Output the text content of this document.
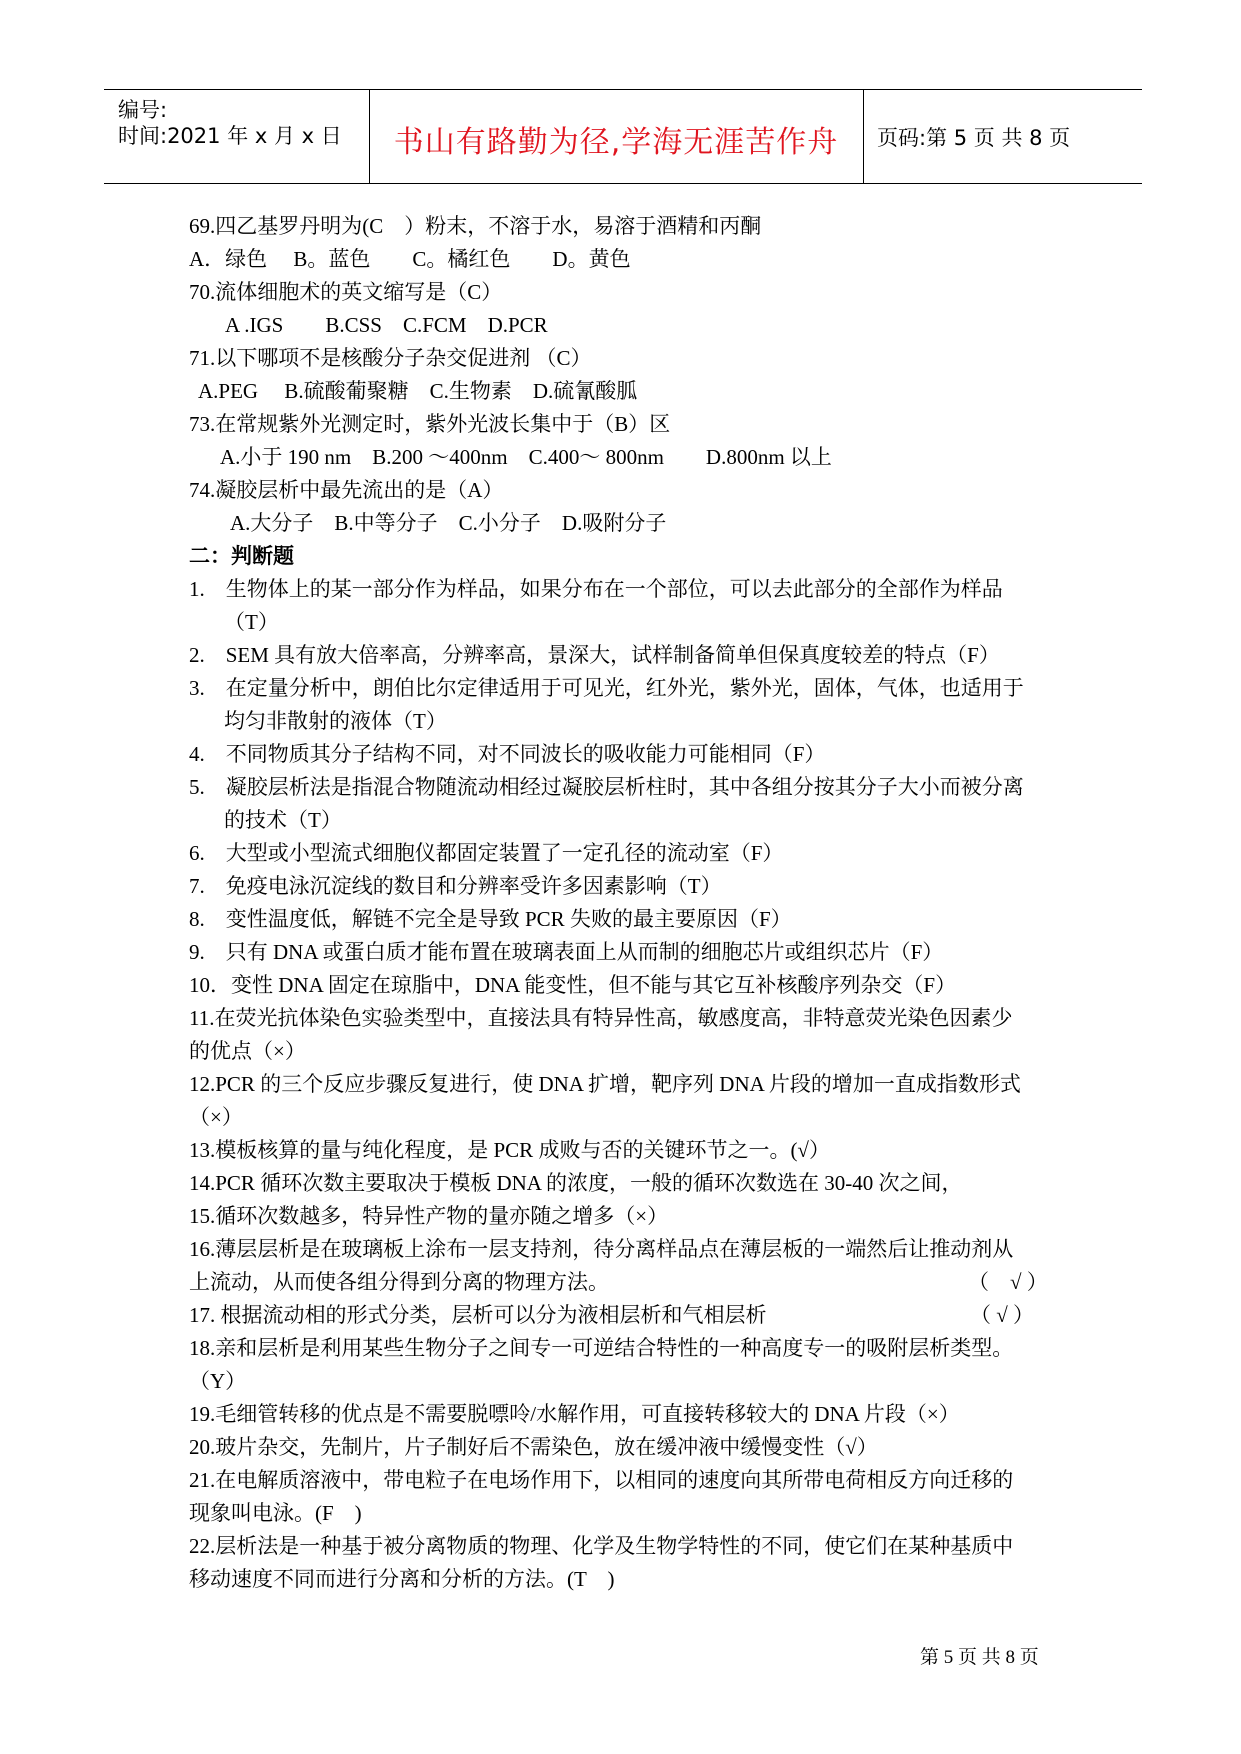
编号:
时间:2021 年 x 月 x 日	书山有路勤为径,学海无涯苦作舟	页码:第 5 页 共 8 页
69.四乙基罗丹明为(C　）粉末，不溶于水，易溶于酒精和丙酮
A．绿色　 B。蓝色　　C。橘红色　　D。黄色
70.流体细胞术的英文缩写是（C）
A .IGS　　B.CSS　C.FCM　D.PCR
71.以下哪项不是核酸分子杂交促进剂 （C）
A.PEG　 B.硫酸葡聚糖　C.生物素　D.硫氰酸胍
73.在常规紫外光测定时，紫外光波长集中于（B）区
A.小于 190 nm　B.200 ～400nm　C.400～ 800nm　　D.800nm 以上
74.凝胶层析中最先流出的是（A）
A.大分子　B.中等分子　C.小分子　D.吸附分子
二：判断题
1.　生物体上的某一部分作为样品，如果分布在一个部位，可以去此部分的全部作为样品
（T）
2.　SEM 具有放大倍率高，分辨率高，景深大，试样制备简单但保真度较差的特点（F）
3.　在定量分析中，朗伯比尔定律适用于可见光，红外光，紫外光，固体，气体，也适用于
均匀非散射的液体（T）
4.　不同物质其分子结构不同，对不同波长的吸收能力可能相同（F）
5.　凝胶层析法是指混合物随流动相经过凝胶层析柱时，其中各组分按其分子大小而被分离
的技术（T）
6.　大型或小型流式细胞仪都固定装置了一定孔径的流动室（F）
7.　免疫电泳沉淀线的数目和分辨率受许多因素影响（T）
8.　变性温度低，解链不完全是导致 PCR 失败的最主要原因（F）
9.　只有 DNA 或蛋白质才能布置在玻璃表面上从而制的细胞芯片或组织芯片（F）
10．变性 DNA 固定在琼脂中，DNA 能变性，但不能与其它互补核酸序列杂交（F）
11.在荧光抗体染色实验类型中，直接法具有特异性高，敏感度高，非特意荧光染色因素少
的优点（×）
12.PCR 的三个反应步骤反复进行，使 DNA 扩增，靶序列 DNA 片段的增加一直成指数形式
（×）
13.模板核算的量与纯化程度，是 PCR 成败与否的关键环节之一。(√）
14.PCR 循环次数主要取决于模板 DNA 的浓度，一般的循环次数选在 30-40 次之间，
15.循环次数越多，特异性产物的量亦随之增多（×）
16.薄层层析是在玻璃板上涂布一层支持剂，待分离样品点在薄层板的一端然后让推动剂从
上流动，从而使各组分得到分离的物理方法。	（　√ ）
17. 根据流动相的形式分类，层析可以分为液相层析和气相层析	（ √ ）
18.亲和层析是利用某些生物分子之间专一可逆结合特性的一种高度专一的吸附层析类型。
（Y）
19.毛细管转移的优点是不需要脱嘌呤/水解作用，可直接转移较大的 DNA 片段（×）
20.玻片杂交，先制片，片子制好后不需染色，放在缓冲液中缓慢变性（√）
21.在电解质溶液中，带电粒子在电场作用下，以相同的速度向其所带电荷相反方向迁移的
现象叫电泳。(F　)
22.层析法是一种基于被分离物质的物理、化学及生物学特性的不同，使它们在某种基质中
移动速度不同而进行分离和分析的方法。(T　)
第 5 页 共 8 页
